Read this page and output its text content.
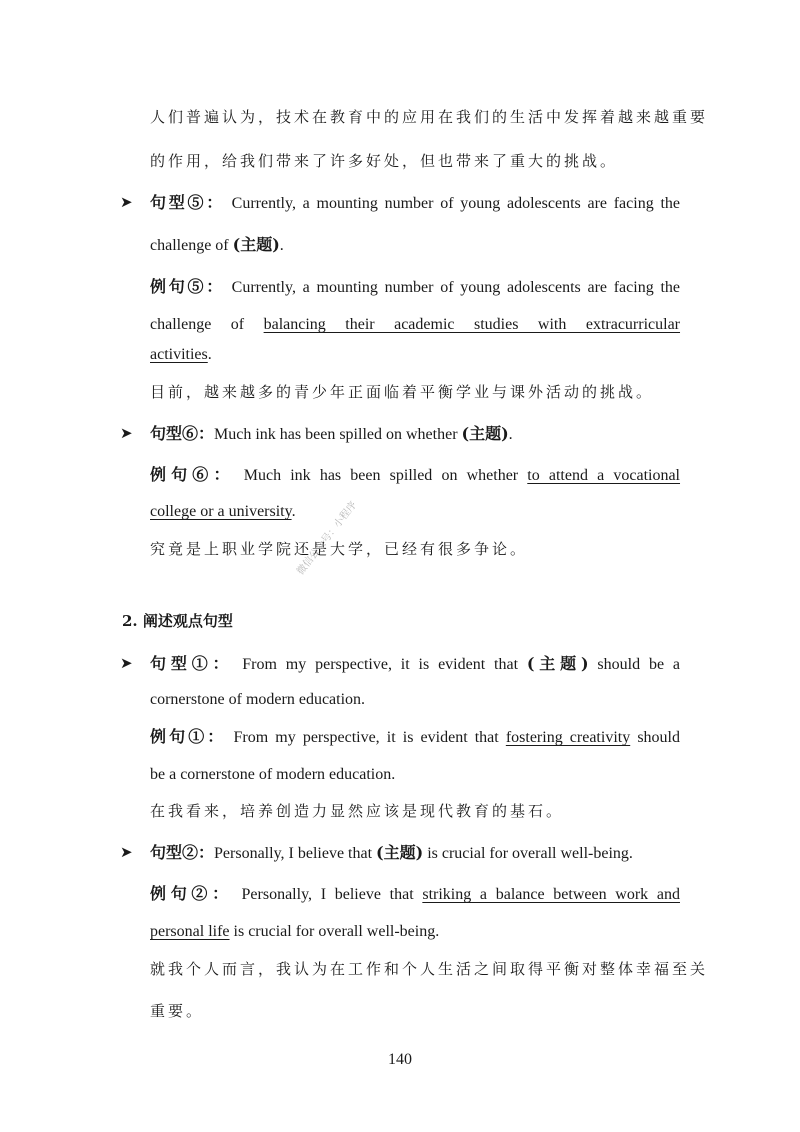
人们普遍认为，技术在教育中的应用在我们的生活中发挥着越来越重要
的作用，给我们带来了许多好处，但也带来了重大的挑战。
➤ 句型⑤： Currently, a mounting number of young adolescents are facing the
challenge of (主题).
例句⑤： Currently, a mounting number of young adolescents are facing the
challenge of balancing their academic studies with extracurricular
activities.
目前，越来越多的青少年正面临着平衡学业与课外活动的挑战。
➤ 句型⑥：Much ink has been spilled on whether (主题).
例句⑥： Much ink has been spilled on whether to attend a vocational
college or a university.
究竟是上职业学院还是大学，已经有很多争论。
2. 阐述观点句型
➤ 句型①： From my perspective, it is evident that (主题) should be a
cornerstone of modern education.
例句①： From my perspective, it is evident that fostering creativity should
be a cornerstone of modern education.
在我看来，培养创造力显然应该是现代教育的基石。
➤ 句型②：Personally, I believe that (主题) is crucial for overall well-being.
例句②： Personally, I believe that striking a balance between work and
personal life is crucial for overall well-being.
就我个人而言，我认为在工作和个人生活之间取得平衡对整体幸福至关
重要。
微信公众号：小程序
140
